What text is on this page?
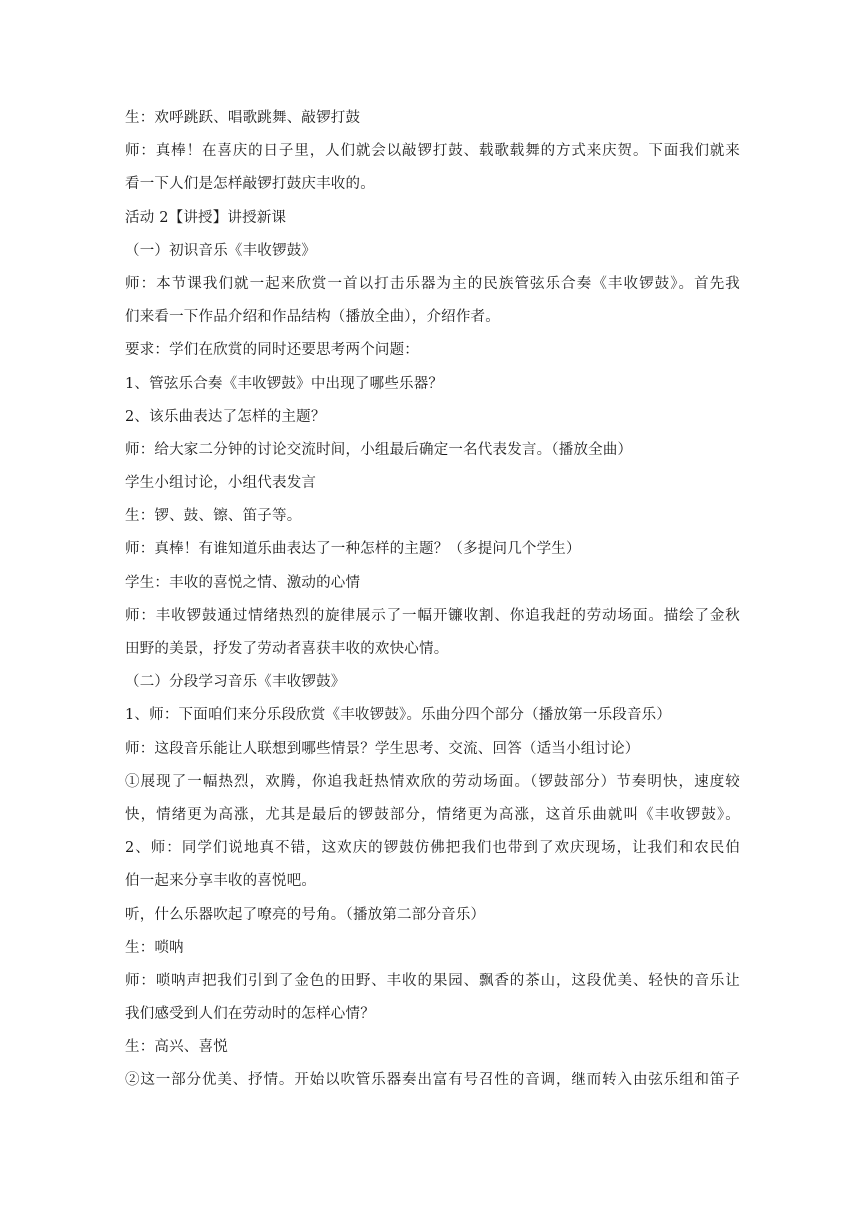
生：欢呼跳跃、唱歌跳舞、敲锣打鼓

师：真棒！在喜庆的日子里，人们就会以敲锣打鼓、载歌载舞的方式来庆贺。下面我们就来

看一下人们是怎样敲锣打鼓庆丰收的。

活动 2【讲授】讲授新课

（一）初识音乐《丰收锣鼓》

师：本节课我们就一起来欣赏一首以打击乐器为主的民族管弦乐合奏《丰收锣鼓》。首先我

们来看一下作品介绍和作品结构（播放全曲），介绍作者。

要求：学们在欣赏的同时还要思考两个问题：

1、管弦乐合奏《丰收锣鼓》中出现了哪些乐器？

2、该乐曲表达了怎样的主题？

师：给大家二分钟的讨论交流时间，小组最后确定一名代表发言。（播放全曲）

学生小组讨论，小组代表发言

生：锣、鼓、镲、笛子等。

师：真棒！有谁知道乐曲表达了一种怎样的主题？（多提问几个学生）

学生：丰收的喜悦之情、激动的心情

师：丰收锣鼓通过情绪热烈的旋律展示了一幅开镰收割、你追我赶的劳动场面。描绘了金秋

田野的美景，抒发了劳动者喜获丰收的欢快心情。

（二）分段学习音乐《丰收锣鼓》

1、师：下面咱们来分乐段欣赏《丰收锣鼓》。乐曲分四个部分（播放第一乐段音乐）

师：这段音乐能让人联想到哪些情景？学生思考、交流、回答（适当小组讨论）

①展现了一幅热烈，欢腾，你追我赶热情欢欣的劳动场面。（锣鼓部分）节奏明快，速度较

快，情绪更为高涨，尤其是最后的锣鼓部分，情绪更为高涨，这首乐曲就叫《丰收锣鼓》。

2、师：同学们说地真不错，这欢庆的锣鼓仿佛把我们也带到了欢庆现场，让我们和农民伯

伯一起来分享丰收的喜悦吧。

听，什么乐器吹起了嘹亮的号角。（播放第二部分音乐）

生：唢呐

师：唢呐声把我们引到了金色的田野、丰收的果园、飘香的茶山，这段优美、轻快的音乐让

我们感受到人们在劳动时的怎样心情？

生：高兴、喜悦

②这一部分优美、抒情。开始以吹管乐器奏出富有号召性的音调，继而转入由弦乐组和笛子
